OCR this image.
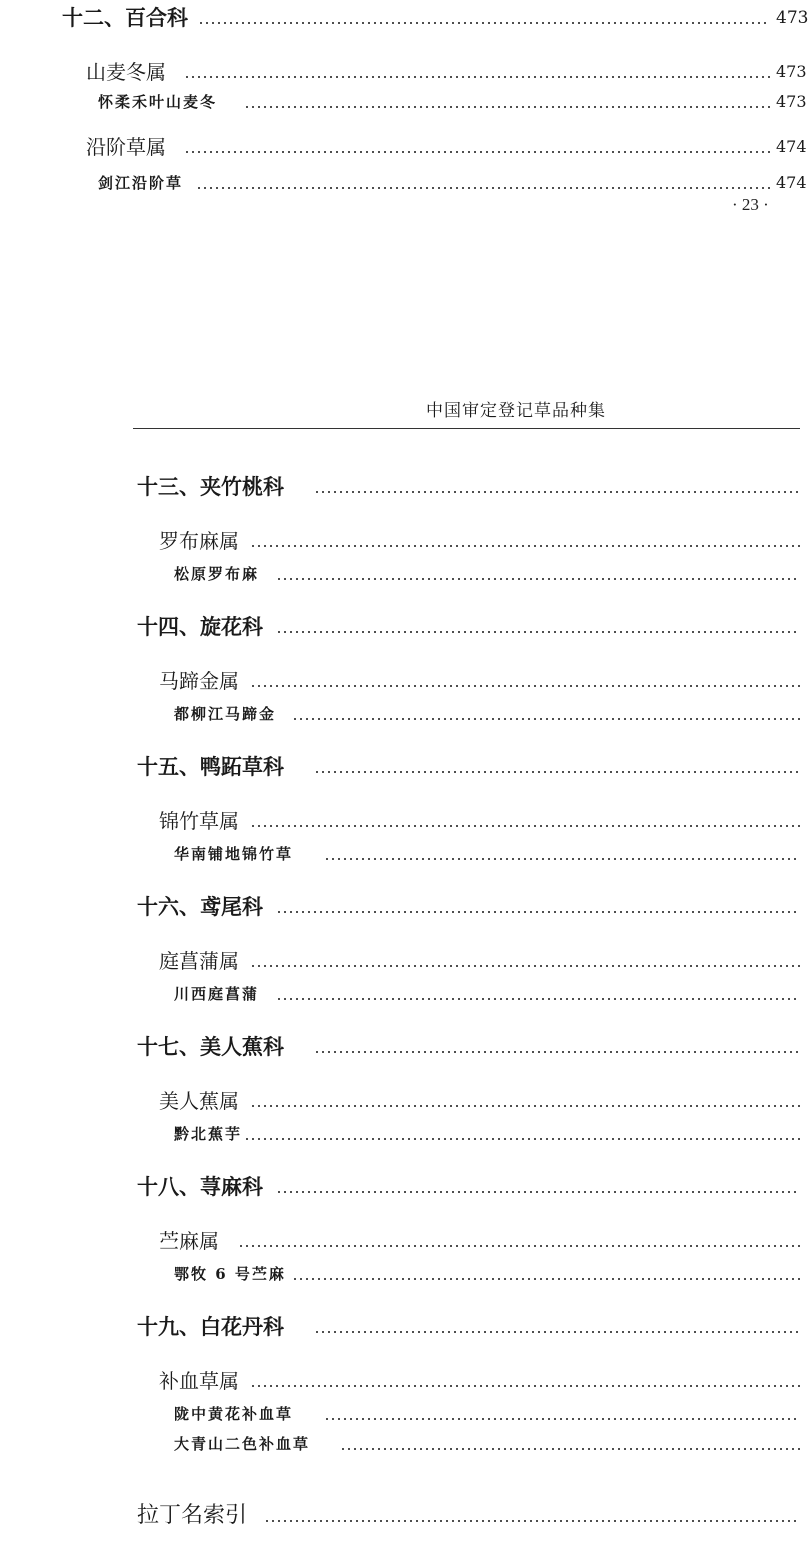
十二、百合科	473
山麦冬属	473
怀柔禾叶山麦冬	473
沿阶草属	474
剑江沿阶草	474
· 23 ·
中国审定登记草品种集
十三、夹竹桃科
罗布麻属
松原罗布麻
十四、旋花科
马蹄金属
都柳江马蹄金
十五、鸭跖草科
锦竹草属
华南铺地锦竹草
十六、鸢尾科
庭菖蒲属
川西庭菖蒲
十七、美人蕉科
美人蕉属
黔北蕉芋
十八、荨麻科
苎麻属
鄂牧 6 号苎麻
十九、白花丹科
补血草属
陇中黄花补血草
大青山二色补血草
拉丁名索引
